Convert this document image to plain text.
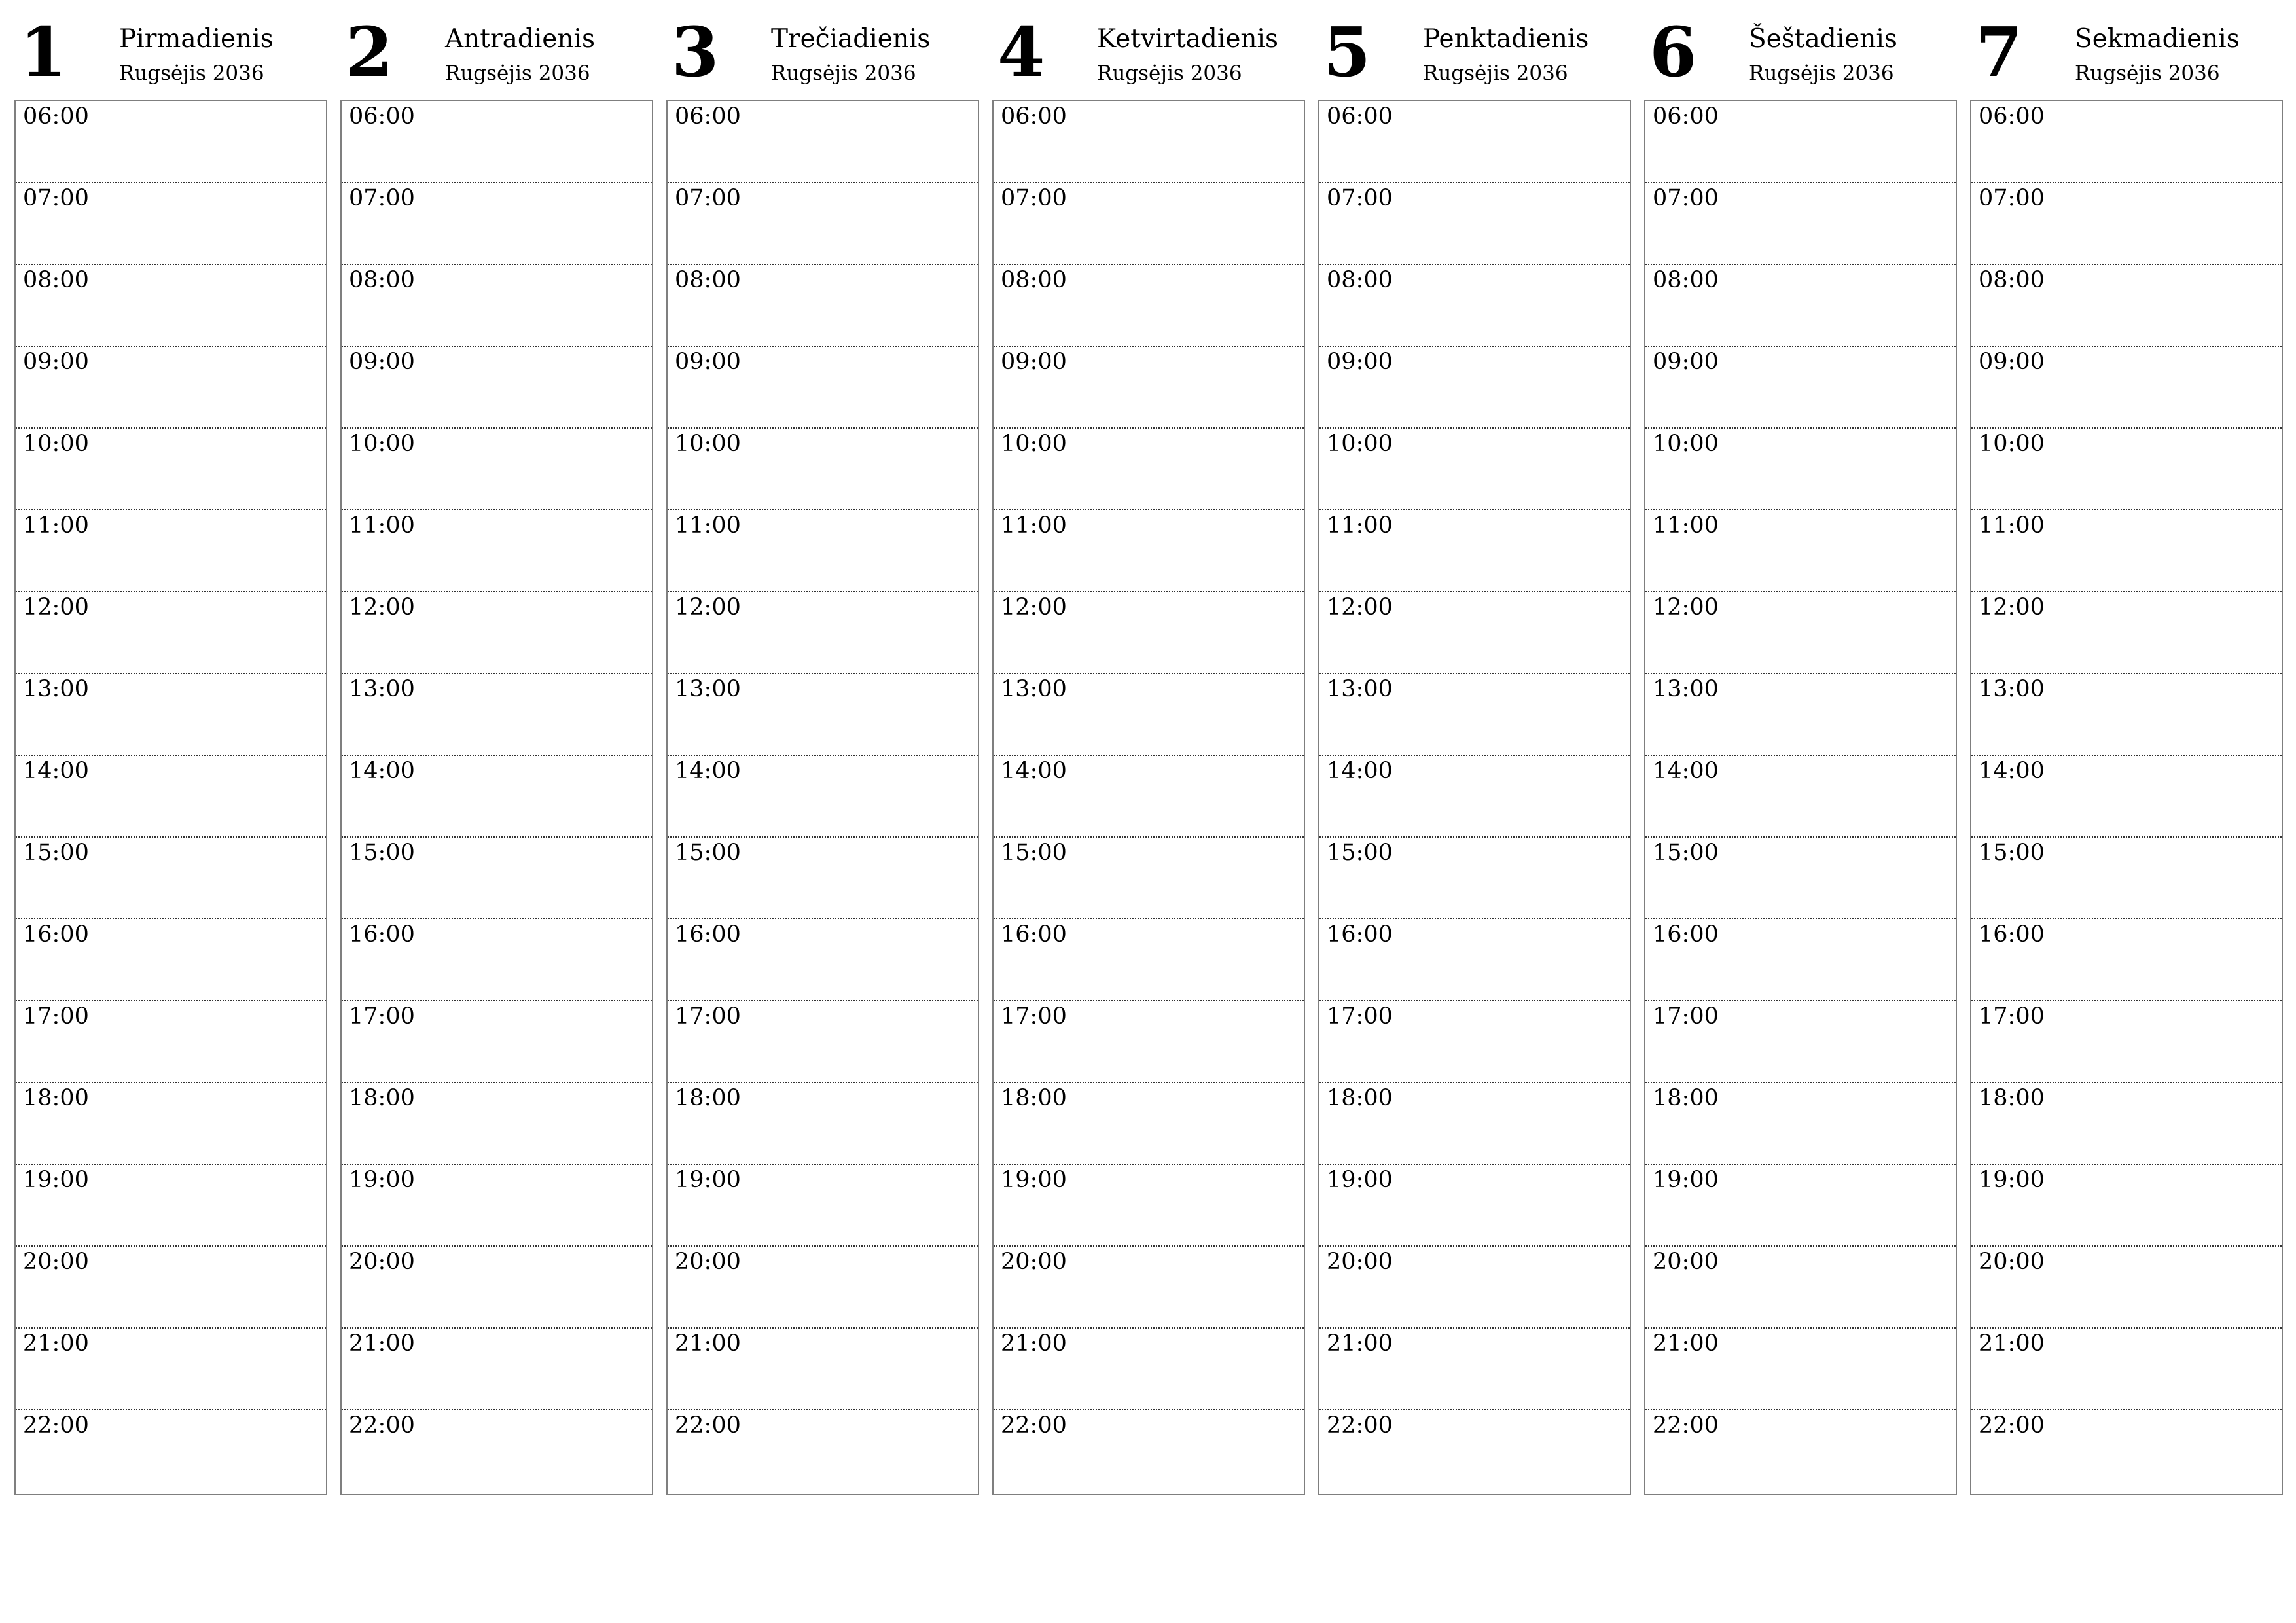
1 Pirmadienis
Rugsėjis 2036
06:00
07:00
08:00
09:00
10:00
11:00
12:00
13:00
14:00
15:00
16:00
17:00
18:00
19:00
20:00
21:00
22:00
2 Antradienis
Rugsėjis 2036
06:00
07:00
08:00
09:00
10:00
11:00
12:00
13:00
14:00
15:00
16:00
17:00
18:00
19:00
20:00
21:00
22:00
3 Trečiadienis
Rugsėjis 2036
06:00
07:00
08:00
09:00
10:00
11:00
12:00
13:00
14:00
15:00
16:00
17:00
18:00
19:00
20:00
21:00
22:00
4 Ketvirtadienis
Rugsėjis 2036
06:00
07:00
08:00
09:00
10:00
11:00
12:00
13:00
14:00
15:00
16:00
17:00
18:00
19:00
20:00
21:00
22:00
5 Penktadienis
Rugsėjis 2036
06:00
07:00
08:00
09:00
10:00
11:00
12:00
13:00
14:00
15:00
16:00
17:00
18:00
19:00
20:00
21:00
22:00
6 Šeštadienis
Rugsėjis 2036
06:00
07:00
08:00
09:00
10:00
11:00
12:00
13:00
14:00
15:00
16:00
17:00
18:00
19:00
20:00
21:00
22:00
7 Sekmadienis
Rugsėjis 2036
06:00
07:00
08:00
09:00
10:00
11:00
12:00
13:00
14:00
15:00
16:00
17:00
18:00
19:00
20:00
21:00
22:00
